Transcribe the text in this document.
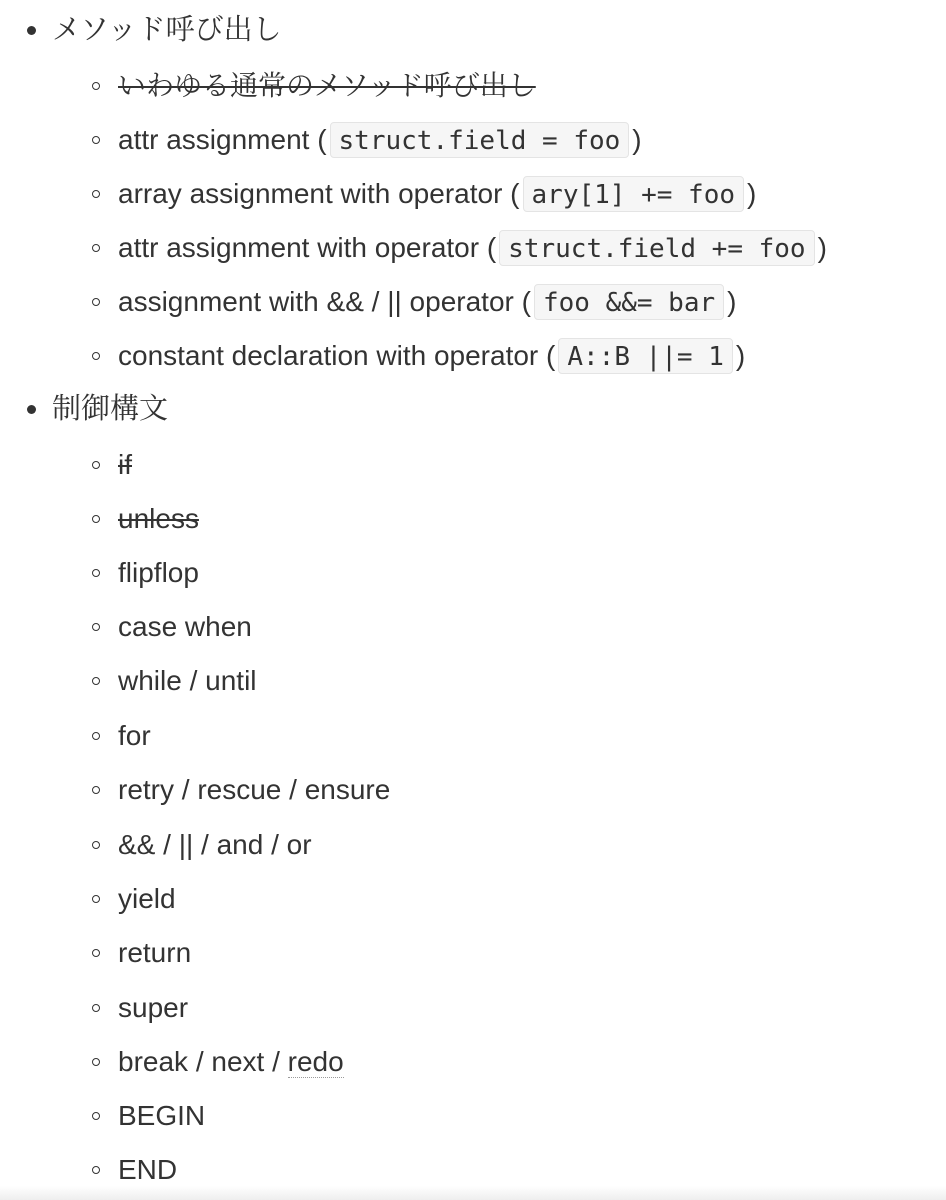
メソッド呼び出し
いわゆる通常のメソッド呼び出し
attr assignment ( struct.field = foo )
array assignment with operator ( ary[1] += foo )
attr assignment with operator ( struct.field += foo )
assignment with && / || operator ( foo &&= bar )
constant declaration with operator ( A::B ||= 1 )
制御構文
if
unless
flipflop
case when
while / until
for
retry / rescue / ensure
&& / || / and / or
yield
return
super
break / next / redo
BEGIN
END
